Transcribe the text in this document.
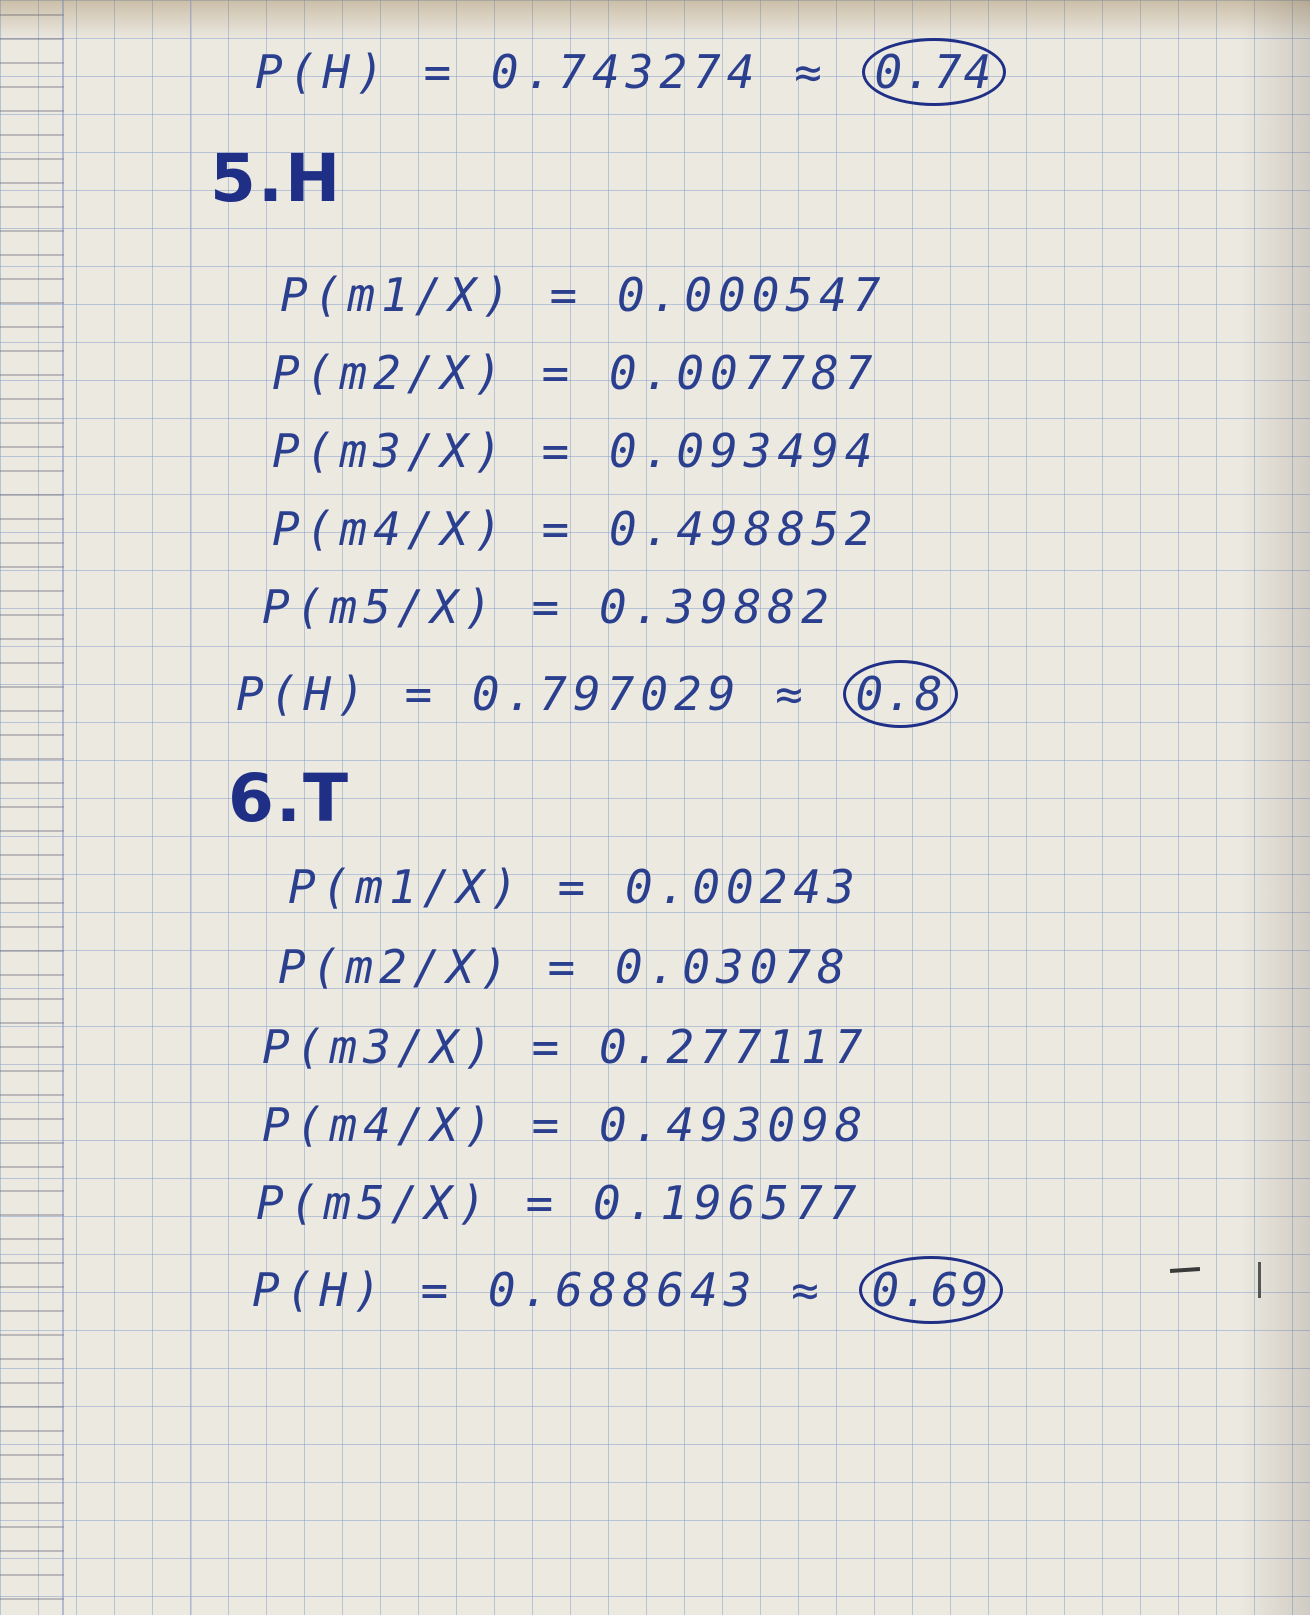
P(H) = 0.743274 ≈ 0.74
5.H
P(m1/X) = 0.000547
P(m2/X) = 0.007787
P(m3/X) = 0.093494
P(m4/X) = 0.498852
P(m5/X) = 0.39882
P(H) = 0.797029 ≈ 0.8
6.T
P(m1/X) = 0.00243
P(m2/X) = 0.03078
P(m3/X) = 0.277117
P(m4/X) = 0.493098
P(m5/X) = 0.196577
P(H) = 0.688643 ≈ 0.69
